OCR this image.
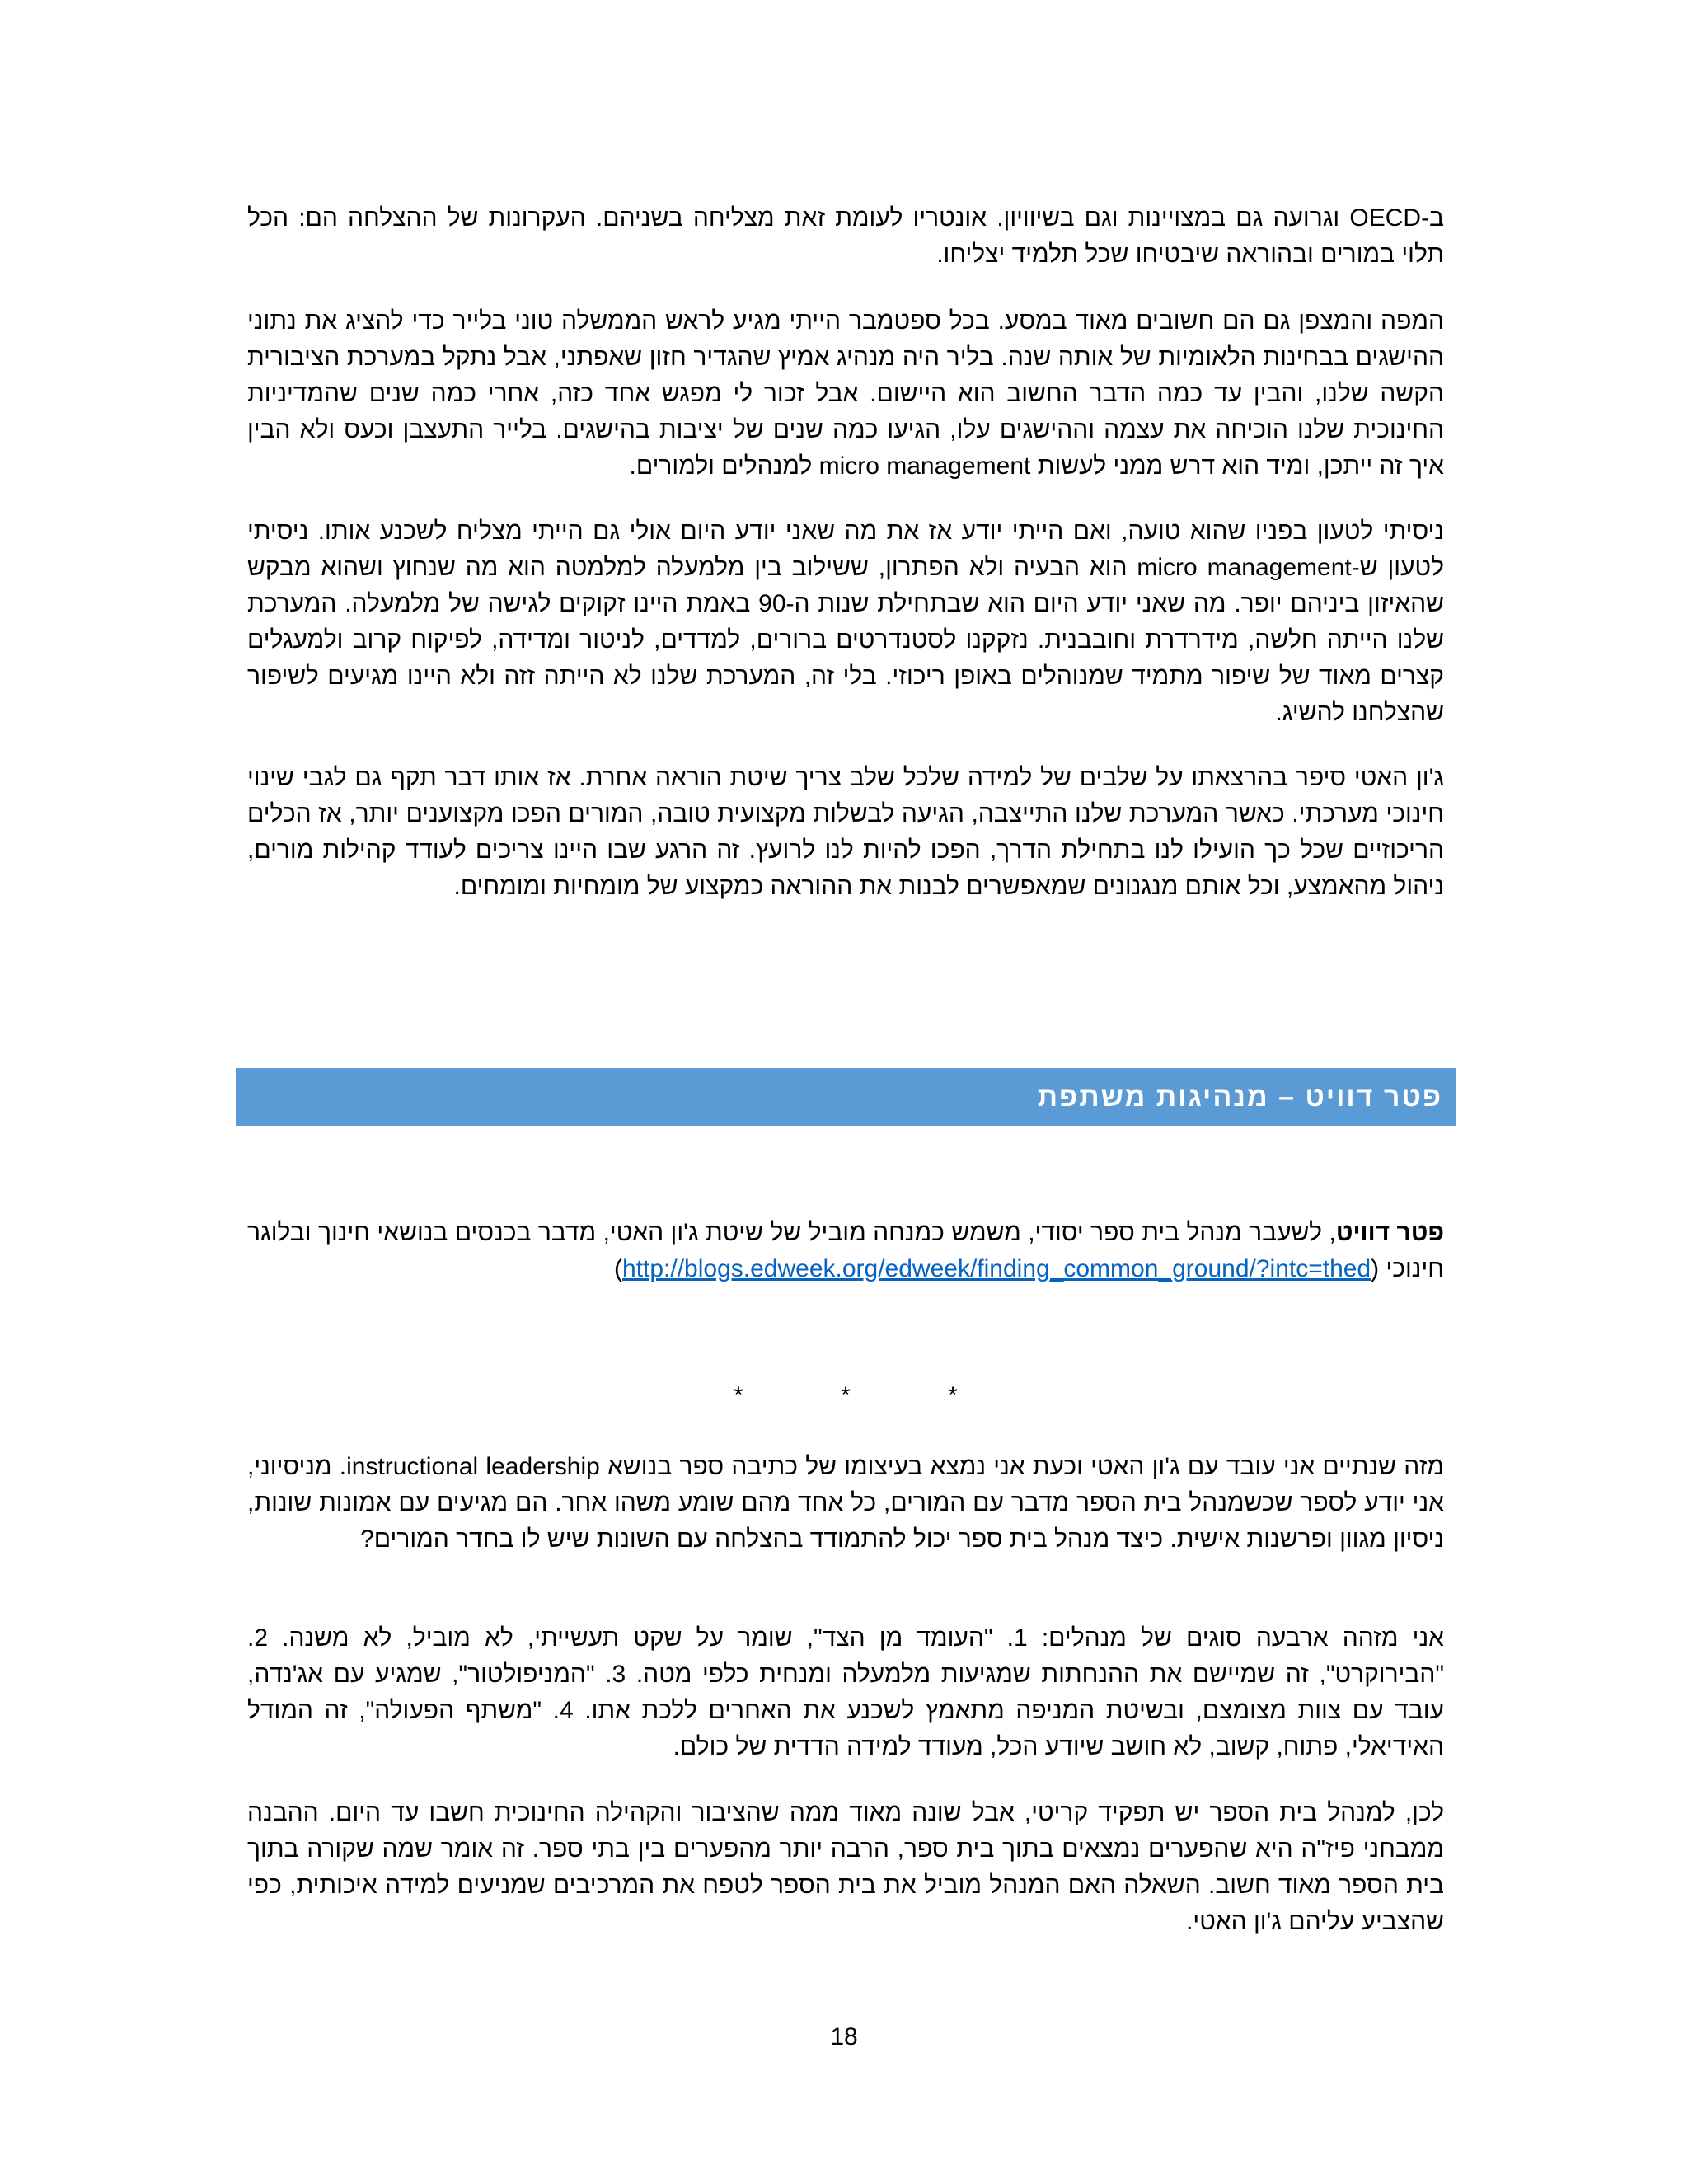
ב-OECD וגרועה גם במצויינות וגם בשיוויון. אונטריו לעומת זאת מצליחה בשניהם. העקרונות של ההצלחה הם: הכל תלוי במורים ובהוראה שיבטיחו שכל תלמיד יצליחו.

המפה והמצפן גם הם חשובים מאוד במסע. בכל ספטמבר הייתי מגיע לראש הממשלה טוני בלייר כדי להציג את נתוני ההישגים בבחינות הלאומיות של אותה שנה. בליר היה מנהיג אמיץ שהגדיר חזון שאפתני, אבל נתקל במערכת הציבורית הקשה שלנו, והבין עד כמה הדבר החשוב הוא היישום. אבל זכור לי מפגש אחד כזה, אחרי כמה שנים שהמדיניות החינוכית שלנו הוכיחה את עצמה וההישגים עלו, הגיעו כמה שנים של יציבות בהישגים. בלייר התעצבן וכעס ולא הבין איך זה ייתכן, ומיד הוא דרש ממני לעשות micro management למנהלים ולמורים.

ניסיתי לטעון בפניו שהוא טועה, ואם הייתי יודע אז את מה שאני יודע היום אולי גם הייתי מצליח לשכנע אותו. ניסיתי לטעון ש-micro management הוא הבעיה ולא הפתרון, ששילוב בין מלמעלה למלמטה הוא מה שנחוץ ושהוא מבקש שהאיזון ביניהם יופר. מה שאני יודע היום הוא שבתחילת שנות ה-90 באמת היינו זקוקים לגישה של מלמעלה. המערכת שלנו הייתה חלשה, מידרדרת וחובבנית. נזקקנו לסטנדרטים ברורים, למדדים, לניטור ומדידה, לפיקוח קרוב ולמעגלים קצרים מאוד של שיפור מתמיד שמנוהלים באופן ריכוזי. בלי זה, המערכת שלנו לא הייתה זזה ולא היינו מגיעים לשיפור שהצלחנו להשיג.

ג'ון האטי סיפר בהרצאתו על שלבים של למידה שלכל שלב צריך שיטת הוראה אחרת. אז אותו דבר תקף גם לגבי שינוי חינוכי מערכתי. כאשר המערכת שלנו התייצבה, הגיעה לבשלות מקצועית טובה, המורים הפכו מקצוענים יותר, אז הכלים הריכוזיים שכל כך הועילו לנו בתחילת הדרך, הפכו להיות לנו לרועץ. זה הרגע שבו היינו צריכים לעודד קהילות מורים, ניהול מהאמצע, וכל אותם מנגנונים שמאפשרים לבנות את ההוראה כמקצוע של מומחיות ומומחים.

פטר דוויט – מנהיגות משתפת

פטר דוויט, לשעבר מנהל בית ספר יסודי, משמש כמנחה מוביל של שיטת ג'ון האטי, מדבר בכנסים בנושאי חינוך ובלוגר חינוכי (http://blogs.edweek.org/edweek/finding_common_ground/?intc=thed)

* * *

מזה שנתיים אני עובד עם ג'ון האטי וכעת אני נמצא בעיצומו של כתיבה ספר בנושא instructional leadership. מניסיוני, אני יודע לספר שכשמנהל בית הספר מדבר עם המורים, כל אחד מהם שומע משהו אחר. הם מגיעים עם אמונות שונות, ניסיון מגוון ופרשנות אישית. כיצד מנהל בית ספר יכול להתמודד בהצלחה עם השונות שיש לו בחדר המורים?

אני מזהה ארבעה סוגים של מנהלים: 1. "העומד מן הצד", שומר על שקט תעשייתי, לא מוביל, לא משנה. 2. "הבירוקרט", זה שמיישם את ההנחתות שמגיעות מלמעלה ומנחית כלפי מטה. 3. "המניפולטור", שמגיע עם אג'נדה, עובד עם צוות מצומצם, ובשיטת המניפה מתאמץ לשכנע את האחרים ללכת אתו. 4. "משתף הפעולה", זה המודל האידיאלי, פתוח, קשוב, לא חושב שיודע הכל, מעודד למידה הדדית של כולם.

לכן, למנהל בית הספר יש תפקיד קריטי, אבל שונה מאוד ממה שהציבור והקהילה החינוכית חשבו עד היום. ההבנה ממבחני פיז"ה היא שהפערים נמצאים בתוך בית ספר, הרבה יותר מהפערים בין בתי ספר. זה אומר שמה שקורה בתוך בית הספר מאוד חשוב. השאלה האם המנהל מוביל את בית הספר לטפח את המרכיבים שמניעים למידה איכותית, כפי שהצביע עליהם ג'ון האטי.

18
